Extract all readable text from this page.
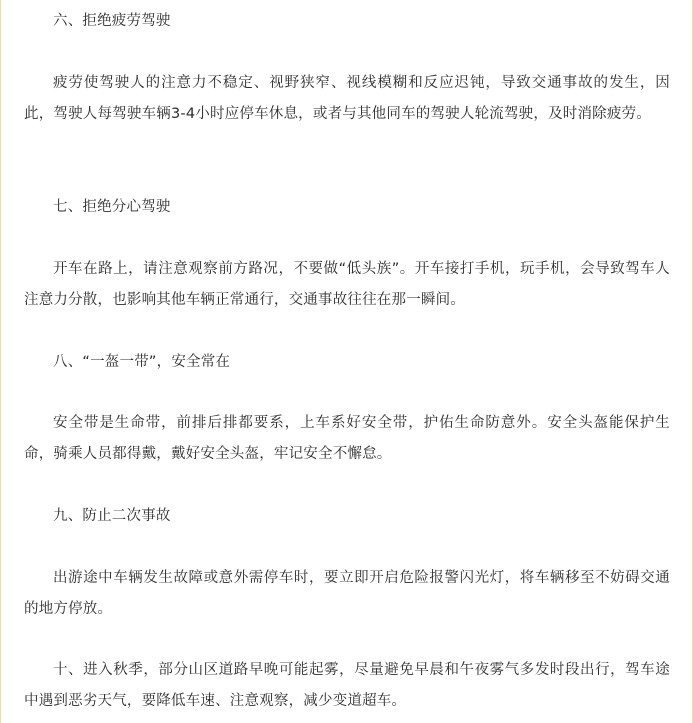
六、拒绝疲劳驾驶

疲劳使驾驶人的注意力不稳定、视野狭窄、视线模糊和反应迟钝，导致交通事故的发生，因此，驾驶人每驾驶车辆3-4小时应停车休息，或者与其他同车的驾驶人轮流驾驶，及时消除疲劳。

七、拒绝分心驾驶

开车在路上，请注意观察前方路况，不要做“低头族”。开车接打手机，玩手机，会导致驾车人注意力分散，也影响其他车辆正常通行，交通事故往往在那一瞬间。

八、“一盔一带”，安全常在

安全带是生命带，前排后排都要系，上车系好安全带，护佑生命防意外。安全头盔能保护生命，骑乘人员都得戴，戴好安全头盔，牢记安全不懈怠。

九、防止二次事故

出游途中车辆发生故障或意外需停车时，要立即开启危险报警闪光灯，将车辆移至不妨碍交通的地方停放。

十、进入秋季，部分山区道路早晚可能起雾，尽量避免早晨和午夜雾气多发时段出行，驾车途中遇到恶劣天气，要降低车速、注意观察，减少变道超车。
